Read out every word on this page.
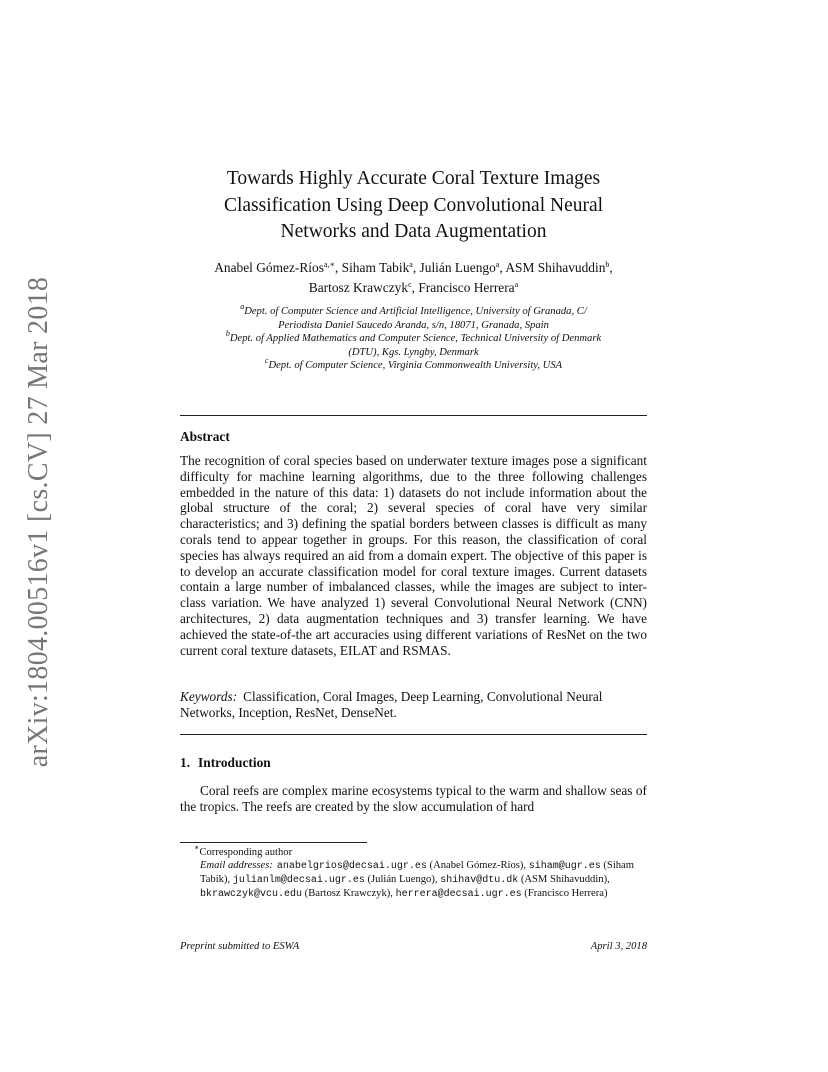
arXiv:1804.00516v1 [cs.CV] 27 Mar 2018
Towards Highly Accurate Coral Texture Images
Classification Using Deep Convolutional Neural
Networks and Data Augmentation
Anabel Gómez-Ríos$^{a,∗}$, Siham Tabik$^a$, Julián Luengo$^a$, ASM Shihavuddin$^b$,
Bartosz Krawczyk$^c$, Francisco Herrera$^a$
$^a$Dept. of Computer Science and Artificial Intelligence, University of Granada, C/
Periodista Daniel Saucedo Aranda, s/n, 18071, Granada, Spain
$^b$Dept. of Applied Mathematics and Computer Science, Technical University of Denmark
(DTU), Kgs. Lyngby, Denmark
$^c$Dept. of Computer Science, Virginia Commonwealth University, USA
Abstract
The recognition of coral species based on underwater texture images pose a significant difficulty for machine learning algorithms, due to the three following challenges embedded in the nature of this data: 1) datasets do not include information about the global structure of the coral; 2) several species of coral have very similar characteristics; and 3) defining the spatial borders between classes is difficult as many corals tend to appear together in groups. For this reason, the classification of coral species has always required an aid from a domain expert. The objective of this paper is to develop an accurate classification model for coral texture images. Current datasets contain a large number of imbalanced classes, while the images are subject to inter-class variation. We have analyzed 1) several Convolutional Neural Network (CNN) architectures, 2) data augmentation techniques and 3) transfer learning. We have achieved the state-of-the art accuracies using different variations of ResNet on the two current coral texture datasets, EILAT and RSMAS.
Keywords: Classification, Coral Images, Deep Learning, Convolutional Neural Networks, Inception, ResNet, DenseNet.
1. Introduction
Coral reefs are complex marine ecosystems typical to the warm and shallow seas of the tropics. The reefs are created by the slow accumulation of hard
∗Corresponding author
Email addresses: anabelgrios@decsai.ugr.es (Anabel Gómez-Ríos), siham@ugr.es (Siham Tabik), julianlm@decsai.ugr.es (Julián Luengo), shihav@dtu.dk (ASM Shihavuddin), bkrawczyk@vcu.edu (Bartosz Krawczyk), herrera@decsai.ugr.es (Francisco Herrera)
Preprint submitted to ESWA	April 3, 2018
